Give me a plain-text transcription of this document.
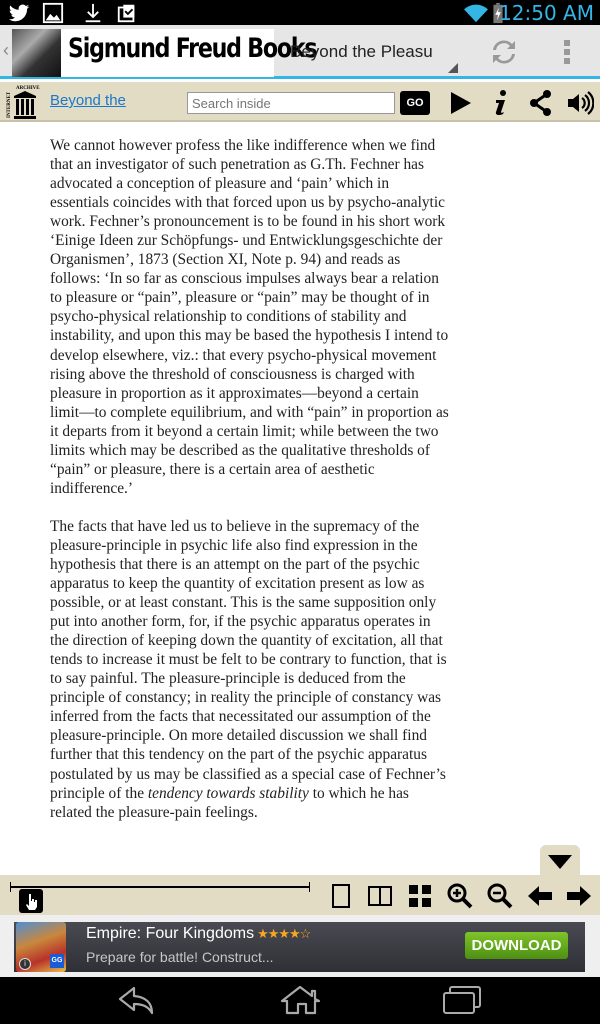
12:50 AM
‹ Sigmund Freud Books
Beyond the Pleasu
ARCHIVE
INTERNET	Beyond the
Search inside	GO

We cannot however profess the like indifference when we find that an investigator of such penetration as G.Th. Fechner has advocated a conception of pleasure and ‘pain’ which in essentials coincides with that forced upon us by psycho-analytic work. Fechner’s pronouncement is to be found in his short work ‘Einige Ideen zur Schöpfungs- und Entwicklungsgeschichte der Organismen’, 1873 (Section XI, Note p. 94) and reads as follows: ‘In so far as conscious impulses always bear a relation to pleasure or “pain”, pleasure or “pain” may be thought of in psycho-physical relationship to conditions of stability and instability, and upon this may be based the hypothesis I intend to develop elsewhere, viz.: that every psycho-physical movement rising above the threshold of consciousness is charged with pleasure in proportion as it approximates—beyond a certain limit—to complete equilibrium, and with “pain” in proportion as it departs from it beyond a certain limit; while between the two limits which may be described as the qualitative thresholds of “pain” or pleasure, there is a certain area of aesthetic indifference.’

The facts that have led us to believe in the supremacy of the pleasure-principle in psychic life also find expression in the hypothesis that there is an attempt on the part of the psychic apparatus to keep the quantity of excitation present as low as possible, or at least constant. This is the same supposition only put into another form, for, if the psychic apparatus operates in the direction of keeping down the quantity of excitation, all that tends to increase it must be felt to be contrary to function, that is to say painful. The pleasure-principle is deduced from the principle of constancy; in reality the principle of constancy was inferred from the facts that necessitated our assumption of the pleasure-principle. On more detailed discussion we shall find further that this tendency on the part of the psychic apparatus postulated by us may be classified as a special case of Fechner’s principle of the tendency towards stability to which he has related the pleasure-pain feelings.

GG
i
Empire: Four Kingdoms ★★★★☆
Prepare for battle! Construct...
DOWNLOAD
